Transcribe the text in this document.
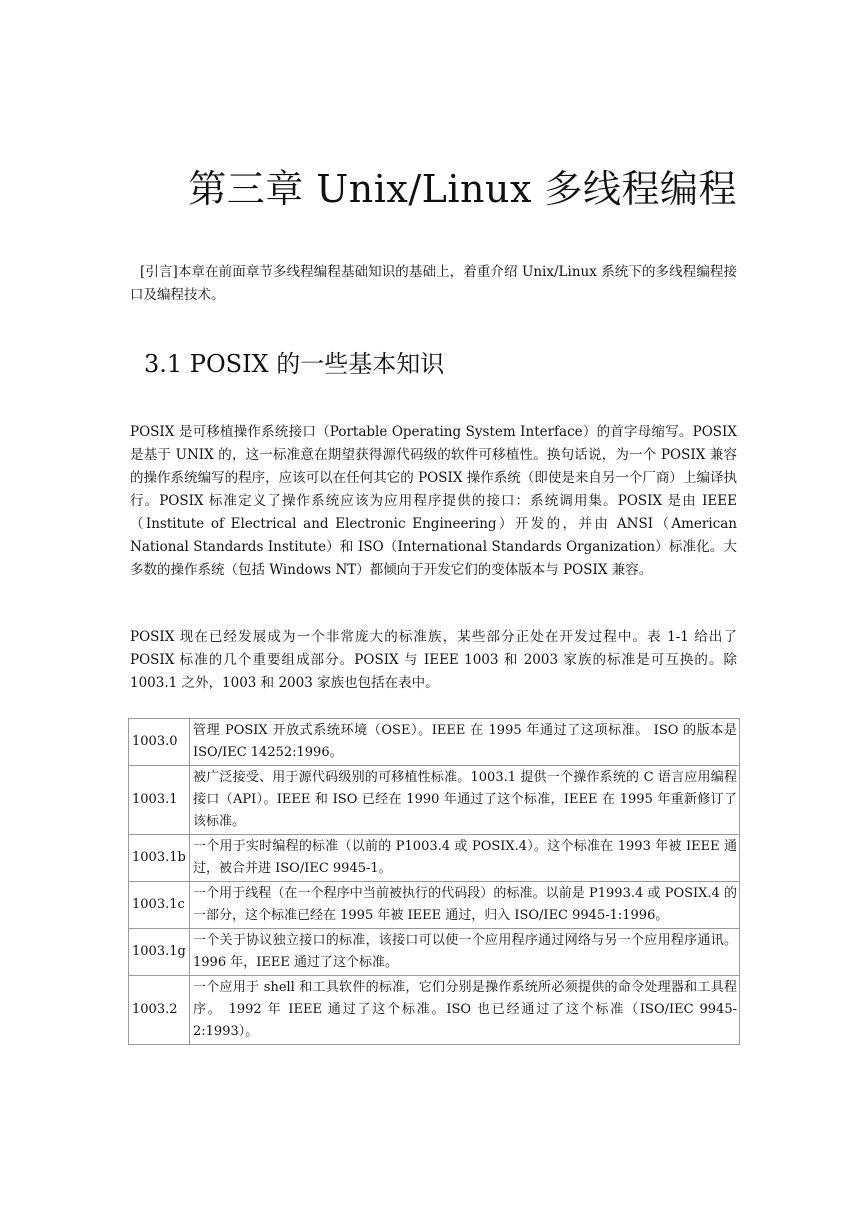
第三章 Unix/Linux 多线程编程

[引言]本章在前面章节多线程编程基础知识的基础上，着重介绍 Unix/Linux 系统下的多线程编程接口及编程技术。

3.1 POSIX 的一些基本知识

POSIX 是可移植操作系统接口（Portable Operating System Interface）的首字母缩写。POSIX 是基于 UNIX 的，这一标准意在期望获得源代码级的软件可移植性。换句话说，为一个 POSIX 兼容的操作系统编写的程序，应该可以在任何其它的 POSIX 操作系统（即使是来自另一个厂商）上编译执行。POSIX 标准定义了操作系统应该为应用程序提供的接口：系统调用集。POSIX 是由 IEEE（Institute of Electrical and Electronic Engineering）开发的，并由 ANSI（American National Standards Institute）和 ISO（International Standards Organization）标准化。大多数的操作系统（包括 Windows NT）都倾向于开发它们的变体版本与 POSIX 兼容。

POSIX 现在已经发展成为一个非常庞大的标准族，某些部分正处在开发过程中。表 1-1 给出了 POSIX 标准的几个重要组成部分。POSIX 与 IEEE 1003 和 2003 家族的标准是可互换的。除 1003.1 之外，1003 和 2003 家族也包括在表中。

1003.0	管理 POSIX 开放式系统环境（OSE）。IEEE 在 1995 年通过了这项标准。 ISO 的版本是 ISO/IEC 14252:1996。
1003.1	被广泛接受、用于源代码级别的可移植性标准。1003.1 提供一个操作系统的 C 语言应用编程接口（API）。IEEE 和 ISO 已经在 1990 年通过了这个标准，IEEE 在 1995 年重新修订了该标准。
1003.1b	一个用于实时编程的标准（以前的 P1003.4 或 POSIX.4）。这个标准在 1993 年被 IEEE 通过，被合并进 ISO/IEC 9945-1。
1003.1c	一个用于线程（在一个程序中当前被执行的代码段）的标准。以前是 P1993.4 或 POSIX.4 的一部分，这个标准已经在 1995 年被 IEEE 通过，归入 ISO/IEC 9945-1:1996。
1003.1g	一个关于协议独立接口的标准，该接口可以使一个应用程序通过网络与另一个应用程序通讯。 1996 年，IEEE 通过了这个标准。
1003.2	一个应用于 shell 和工具软件的标准，它们分别是操作系统所必须提供的命令处理器和工具程序。 1992 年 IEEE 通过了这个标准。ISO 也已经通过了这个标准（ISO/IEC 9945-2:1993）。
